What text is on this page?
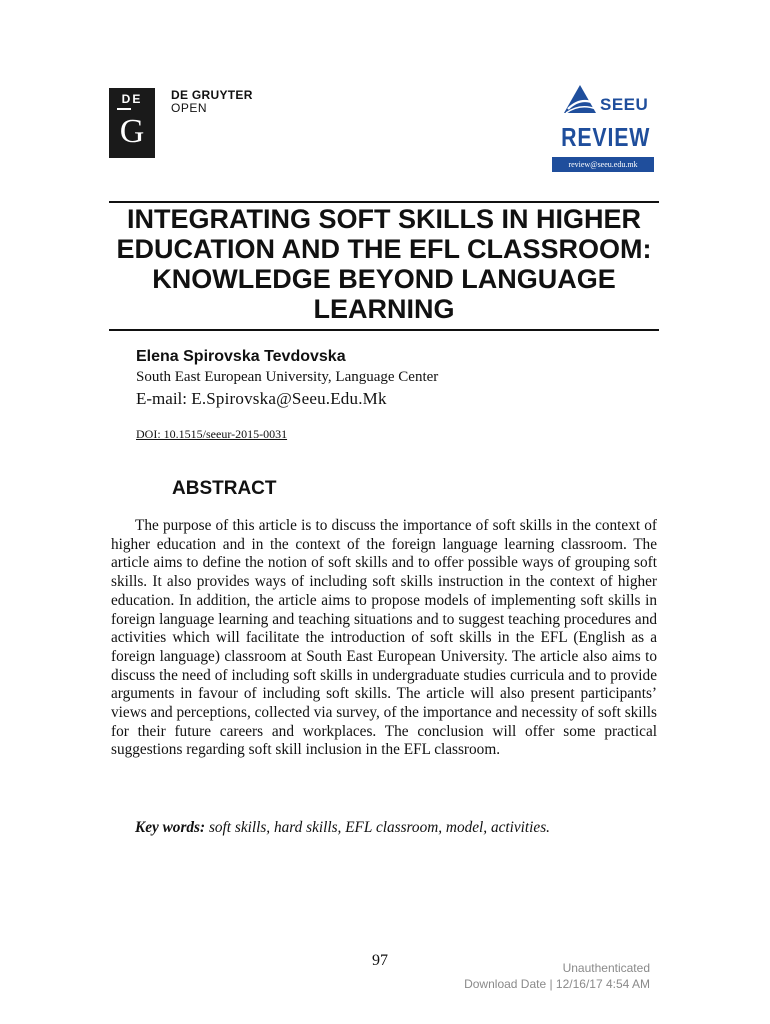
DE
G
DE GRUYTER
OPEN	SEEU
REVIEW
review@seeu.edu.mk
INTEGRATING SOFT SKILLS IN HIGHER EDUCATION AND THE EFL CLASSROOM: KNOWLEDGE BEYOND LANGUAGE LEARNING
Elena Spirovska Tevdovska
South East European University, Language Center
E-mail: E.Spirovska@Seeu.Edu.Mk
DOI: 10.1515/seeur-2015-0031
ABSTRACT

The purpose of this article is to discuss the importance of soft skills in the context of higher education and in the context of the foreign language learning classroom. The article aims to define the notion of soft skills and to offer possible ways of grouping soft skills. It also provides ways of including soft skills instruction in the context of higher education. In addition, the article aims to propose models of implementing soft skills in foreign language learning and teaching situations and to suggest teaching procedures and activities which will facilitate the introduction of soft skills in the EFL (English as a foreign language) classroom at South East European University. The article also aims to discuss the need of including soft skills in undergraduate studies curricula and to provide arguments in favour of including soft skills. The article will also present participants’ views and perceptions, collected via survey, of the importance and necessity of soft skills for their future careers and workplaces. The conclusion will offer some practical suggestions regarding soft skill inclusion in the EFL classroom.

Key words: soft skills, hard skills, EFL classroom, model, activities.
97	Unauthenticated
Download Date | 12/16/17 4:54 AM
